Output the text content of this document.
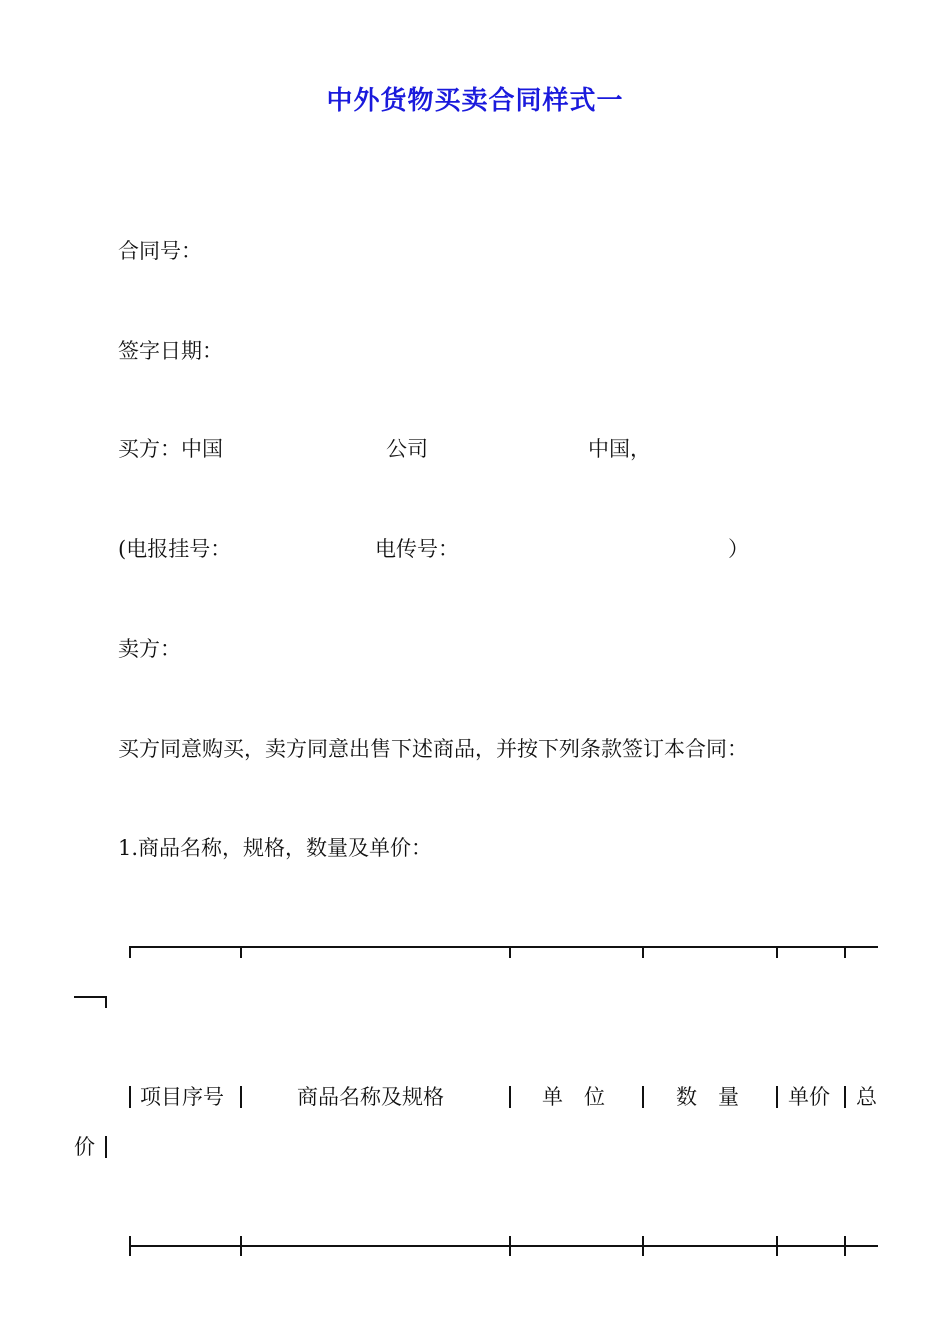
中外货物买卖合同样式一
合同号：
签字日期：
买方：中国	公司	中国，
(电报挂号：	电传号：	）
卖方：
买方同意购买，卖方同意出售下述商品，并按下列条款签订本合同：
1.商品名称，规格，数量及单价：
项目序号	商品名称及规格	单　位	数　量 单价 总
价
